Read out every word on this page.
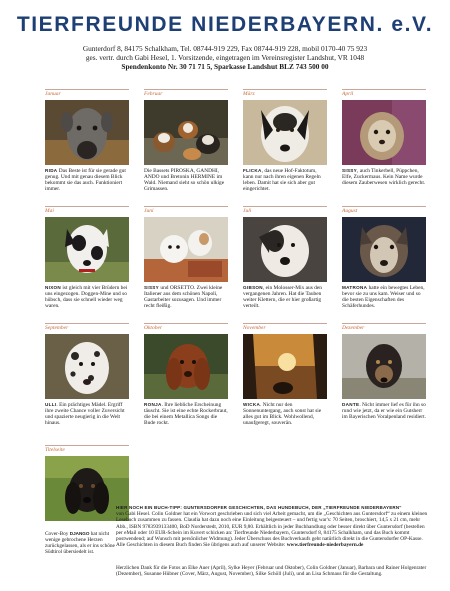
TIERFREUNDE NIEDERBAYERN. e.V.
Gunterdorf 8, 84175 Schalkham, Tel. 08744-919 229, Fax 08744-919 228, mobil 0170-40 75 923
ges. vertr. durch Gabi Hesel, 1. Vorsitzende, eingetragen im Vereinsregister Landshut, VR 1048
Spendenkonto Nr. 30 71 71 5, Sparkasse Landshut BLZ 743 500 00
Januar
RIDA Das Beste ist für sie gerade gut genug. Und mit genau diesem Blick bekommt sie das auch. Funktioniert immer.
Februar
Die Bassets PIROSKA, GANDHI, ANDO und Bretonin HERMINE im Wald. Niemand sieht so schön ulkige Grimassen.
März
FLICKA, das neue Hof-Faktotum, kann nur nach ihren eigenen Regeln leben. Damit hat sie sich aber gut eingerichtet.
April
SISSY, auch Tinkerbell, Püppchen, Elfe, Zuckermaus. Kein Name wurde diesem Zauberwesen wirklich gerecht.
Mai
NIXON ist gleich mit vier Brüdern bei uns eingezogen. Doggen-Mine und so hübsch, dass sie schnell wieder weg waren.
Juni
SISSY und ORSETTO. Zwei kleine Italiener aus dem schönen Napoli, Gastarbeiter sozusagen. Und immer recht fleißig.
Juli
GIBSON, ein Molosser-Mix aus den vergangenen Jahren. Hat die Tauben weiter Klettern, die er hier großartig verteilt.
August
MATRONA hatte ein bewegtes Leben, bevor sie zu uns kam. Weiser und so die besten Eigenschaften des Schäferhundes.
September
ULLI. Ein prächtiges Mädel. Ergriff ihre zweite Chance voller Zuversicht und spazierte neugierig in die Welt hinaus.
Oktober
RONJA. Ihre liebliche Erscheinung täuscht. Sie ist eine echte Rockerbraut, die bei einem Metallica Songs die Bude rockt.
November
WICKA. Nicht nur den Sonnenuntergang, auch sonst hat sie alles gut im Blick. Wohlwollend, unaufgeregt, souverän.
Dezember
DANTE. Nicht immer lief es für ihn so rund wie jetzt, da er wie ein Gutsherr im Bayerischen Voralpenland residiert.
Titelseite
Cover-Boy DJANGO hat nicht wenige gebrochene Herzen zurückgelassen, als er ins schöne Südtirol übersiedelt ist.

HIER NOCH EIN BUCH-TIPP: GUNTERSDORFER GESCHICHTEN, DAS HUNDEBUCH, DER „TIERFREUNDE NIEDERBAYERN“
von Gabi Hesel. Colin Goldner hat ein Vorwort geschrieben und sich viel Arbeit gemacht, um die „Geschichten aus Guntersdorf“ zu einem kleinen Lesebuch zusammen zu fassen. Claudia hat dazu noch eine Einleitung beigesteuert – und fertig war's: 70 Seiten, broschiert, 14,5 x 21 cm, mehr Abb., ISBN 9783939133400, BoD Norderstedt, 2010, EUR 9,80. Erhältlich in jeder Buchhandlung oder besser direkt über Guntersdorf (bestellen per eMail oder 10 EUR-Schein im Kuvert schicken an: Tierfreunde Niederbayern, Guntersdorf 8, 84175 Schalkham, und das Buch kommt postwendend; auf Wunsch mit persönlicher Widmung). Jeder Überschuss des Buchverkaufs geht natürlich direkt in die Guntersdorfer OP-Kasse. Alle Geschichten in diesem Buch finden Sie übrigens auch auf unserer Website: www.tierfreunde-niederbayern.de

Herzlichen Dank für die Fotos an Elke Auer (April), Sylke Heyer (Februar und Oktober), Colin Goldner (Januar), Barbara und Rainer Holgenrater (Dezember), Susanne Hübner (Cover, März, August, November), Silke Schöll (Juli), und an Lisa Schmaus für die Gestaltung.
